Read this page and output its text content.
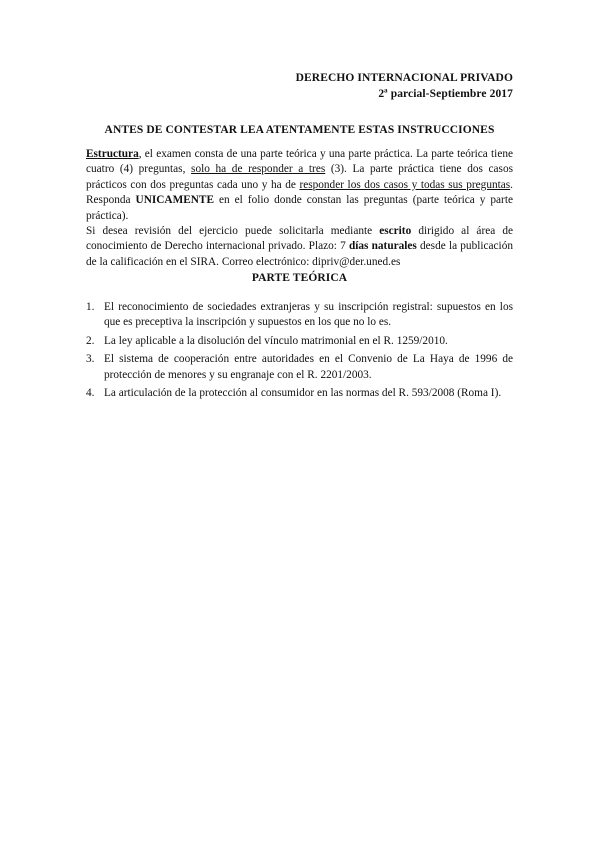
DERECHO INTERNACIONAL PRIVADO
2ª parcial-Septiembre 2017
ANTES DE CONTESTAR LEA ATENTAMENTE ESTAS INSTRUCCIONES

Estructura, el examen consta de una parte teórica y una parte práctica. La parte teórica tiene cuatro (4) preguntas, solo ha de responder a tres (3). La parte práctica tiene dos casos prácticos con dos preguntas cada uno y ha de responder los dos casos y todas sus preguntas. Responda UNICAMENTE en el folio donde constan las preguntas (parte teórica y parte práctica).

Si desea revisión del ejercicio puede solicitarla mediante escrito dirigido al área de conocimiento de Derecho internacional privado. Plazo: 7 días naturales desde la publicación de la calificación en el SIRA. Correo electrónico: dipriv@der.uned.es

PARTE TEÓRICA
1. El reconocimiento de sociedades extranjeras y su inscripción registral: supuestos en los que es preceptiva la inscripción y supuestos en los que no lo es.
2. La ley aplicable a la disolución del vínculo matrimonial en el R. 1259/2010.
3. El sistema de cooperación entre autoridades en el Convenio de La Haya de 1996 de protección de menores y su engranaje con el R. 2201/2003.
4. La articulación de la protección al consumidor en las normas del R. 593/2008 (Roma I).
